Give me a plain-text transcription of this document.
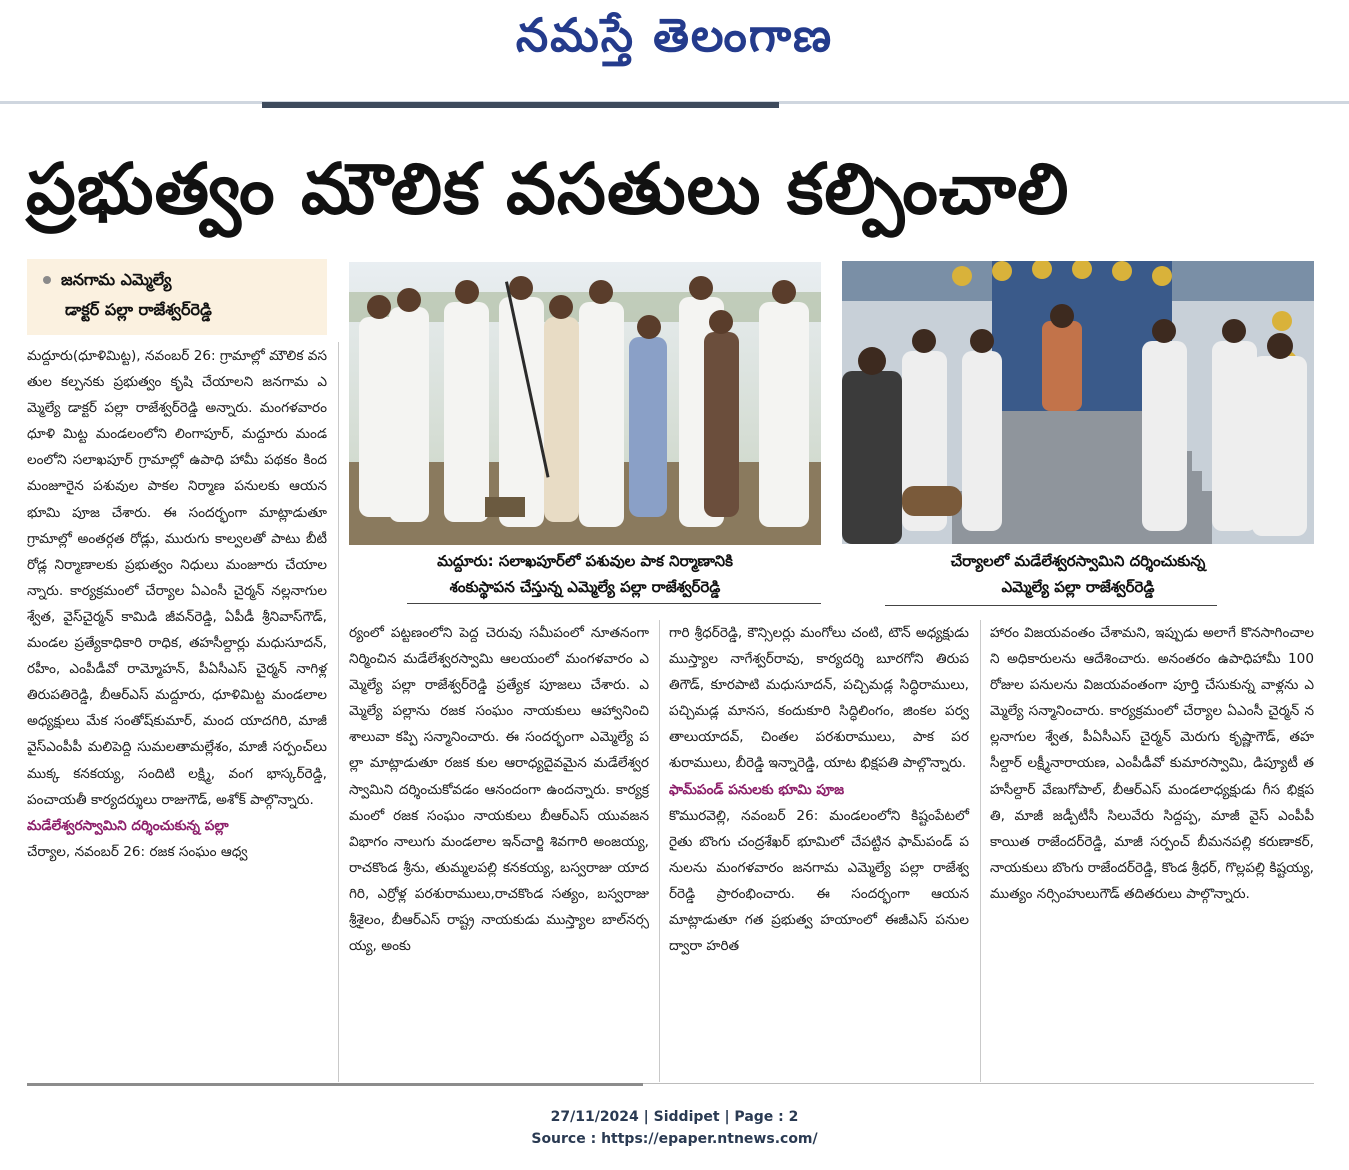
నమస్తే తెలంగాణ
ప్రభుత్వం మౌలిక వసతులు కల్పించాలి
జనగామ ఎమ్మెల్యే
డాక్టర్‌ పల్లా రాజేశ్వర్‌రెడ్డి
మద్దూరు: సలాఖపూర్‌లో పశువుల పాక నిర్మాణానికి
శంకుస్థాపన చేస్తున్న ఎమ్మెల్యే పల్లా రాజేశ్వర్‌రెడ్డి
చేర్యాలలో మడేలేశ్వరస్వామిని దర్శించుకున్న
ఎమ్మెల్యే పల్లా రాజేశ్వర్‌రెడ్డి

మద్దూరు(ధూళిమిట్ట), నవంబర్‌ 26: గ్రామాల్లో మౌలిక వసతుల కల్పనకు ప్రభుత్వం కృషి చేయాలని జనగామ ఎమ్మెల్యే డాక్టర్‌ పల్లా రాజేశ్వర్‌రెడ్డి అన్నారు. మంగళవారం ధూళి మిట్ట మండలంలోని లింగాపూర్‌, మద్దూరు మండలంలోని సలాఖపూర్‌ గ్రామాల్లో ఉపాధి హామీ పథకం కింద మంజూరైన పశువుల పాకల నిర్మాణ పనులకు ఆయన భూమి పూజ చేశారు. ఈ సందర్భంగా మాట్లాడుతూ గ్రామాల్లో అంతర్గత రోడ్లు, మురుగు కాల్వలతో పాటు బీటీ రోడ్ల నిర్మాణాలకు ప్రభుత్వం నిధులు మంజూరు చేయాలన్నారు. కార్యక్రమంలో చేర్యాల ఏఎంసీ చైర్మన్‌ నల్లనాగుల శ్వేత, వైస్‌చైర్మన్‌ కామిడి జీవన్‌రెడ్డి, ఏపీడీ శ్రీనివాస్‌గౌడ్‌, మండల ప్రత్యేకాధికారి రాధిక, తహసీల్దార్లు మధుసూదన్‌, రహీం, ఎంపీడీవో రామ్మోహన్‌, పీఏసీఎస్‌ చైర్మన్‌ నాగిళ్ల తిరుపతిరెడ్డి, బీఆర్‌ఎస్‌ మద్దూరు, ధూళిమిట్ట మండలాల అధ్యక్షులు మేక సంతోష్‌కుమార్‌, మంద యాదగిరి, మాజీ వైస్‌ఎంపీపీ మలిపెద్ది సుమలతామల్లేశం, మాజీ సర్పంచ్‌లు ముక్క కనకయ్య, సందిటి లక్ష్మి, వంగ భాస్కర్‌రెడ్డి, పంచాయతీ కార్యదర్శులు రాజుగౌడ్‌, అశోక్‌ పాల్గొన్నారు.

మడేలేశ్వరస్వామిని దర్శించుకున్న పల్లా

చేర్యాల, నవంబర్‌ 26: రజక సంఘం ఆధ్వ

ర్యంలో పట్టణంలోని పెద్ద చెరువు సమీపంలో నూతనంగా నిర్మించిన మడేలేశ్వరస్వామి ఆలయంలో మంగళవారం ఎమ్మెల్యే పల్లా రాజేశ్వర్‌రెడ్డి ప్రత్యేక పూజలు చేశారు. ఎమ్మెల్యే పల్లాను రజక సంఘం నాయకులు ఆహ్వానించి శాలువా కప్పి సన్మానించారు. ఈ సందర్భంగా ఎమ్మెల్యే పల్లా మాట్లాడుతూ రజక కుల ఆరాధ్యదైవమైన మడేలేశ్వర స్వామిని దర్శించుకోవడం ఆనందంగా ఉందన్నారు. కార్యక్రమంలో రజక సంఘం నాయకులు బీఆర్‌ఎస్‌ యువజన విభాగం నాలుగు మండలాల ఇన్‌చార్జి శివగారి అంజయ్య, రాచకొండ శ్రీను, తుమ్మలపల్లి కనకయ్య, బస్వరాజు యాదగిరి, ఎర్రోళ్ల పరశురాములు,రాచకొండ సత్యం, బస్వరాజు శ్రీశైలం, బీఆర్‌ఎస్‌ రాష్ట్ర నాయకుడు ముస్త్యాల బాల్‌నర్సయ్య, అంకు

గారి శ్రీధర్‌రెడ్డి, కౌన్సిలర్లు మంగోలు చంటి, టౌన్‌ అధ్యక్షుడు ముస్త్యాల నాగేశ్వర్‌రావు, కార్యదర్శి బూరగోని తిరుపతిగౌడ్‌, కూరపాటి మధుసూదన్‌, పచ్చిమడ్ల సిద్ధిరాములు, పచ్చిమడ్ల మానస, కందుకూరి సిద్ధిలింగం, జింకల పర్వతాలుయాదవ్‌, చింతల పరశురాములు, పాక పరశురాములు, బీరెడ్డి ఇన్నారెడ్డి, యాట భిక్షపతి పాల్గొన్నారు.

ఫామ్‌పండ్‌ పనులకు భూమి పూజ

కొమురవెల్లి, నవంబర్‌ 26: మండలంలోని కిష్టంపేటలో రైతు బొంగు చంద్రశేఖర్‌ భూమిలో చేపట్టిన ఫామ్‌పండ్‌ పనులను మంగళవారం జనగామ ఎమ్మెల్యే పల్లా రాజేశ్వర్‌రెడ్డి ప్రారంభించారు. ఈ సందర్భంగా ఆయన మాట్లాడుతూ గత ప్రభుత్వ హయాంలో ఈజీఎస్‌ పనుల ద్వారా హరిత

హారం విజయవంతం చేశామని, ఇప్పుడు అలాగే కొనసాగించాలని అధికారులను ఆదేశించారు. అనంతరం ఉపాధిహామీ 100 రోజుల పనులను విజయవంతంగా పూర్తి చేసుకున్న వాళ్లను ఎమ్మెల్యే సన్మానించారు. కార్యక్రమంలో చేర్యాల ఏఎంసీ చైర్మన్‌ నల్లనాగుల శ్వేత, పీఏసీఎస్‌ చైర్మన్‌ మెరుగు కృష్ణాగౌడ్‌, తహసీల్దార్‌ లక్ష్మీనారాయణ, ఎంపీడీవో కుమారస్వామి, డిప్యూటీ తహసీల్దార్‌ వేణుగోపాల్‌, బీఆర్‌ఎస్‌ మండలాధ్యక్షుడు గీస భిక్షపతి, మాజీ జడ్పీటీసీ సిలువేరు సిద్దప్ప, మాజీ వైస్‌ ఎంపీపీ కాయిత రాజేందర్‌రెడ్డి, మాజీ సర్పంచ్‌ బీమనపల్లి కరుణాకర్‌, నాయకులు బొంగు రాజేందర్‌రెడ్డి, కొండ శ్రీధర్‌, గొల్లపల్లి కిష్టయ్య, ముత్యం నర్సింహులుగౌడ్‌ తదితరులు పాల్గొన్నారు.

27/11/2024 | Siddipet | Page : 2
Source : https://epaper.ntnews.com/
